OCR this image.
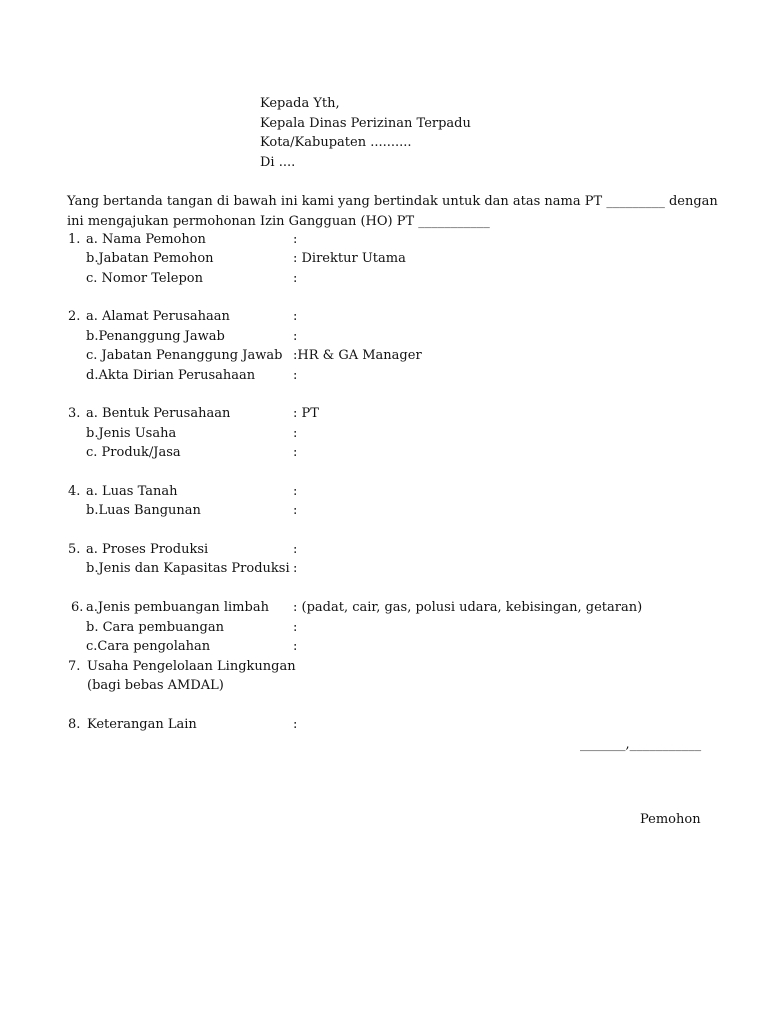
Kepada Yth,
Kepala Dinas Perizinan Terpadu
Kota/Kabupaten ..........
Di ....
Yang bertanda tangan di bawah ini kami yang bertindak untuk dan atas nama PT _________ dengan
ini mengajukan permohonan Izin Gangguan (HO) PT ___________
1. a. Nama Pemohon	:
b.Jabatan Pemohon	: Direktur Utama
c. Nomor Telepon	:
2. a. Alamat Perusahaan	:
b.Penanggung Jawab	:
c. Jabatan Penanggung Jawab :HR & GA Manager
d.Akta Dirian Perusahaan	:
3. a. Bentuk Perusahaan	: PT
b.Jenis Usaha	:
c. Produk/Jasa	:
4. a. Luas Tanah	:
b.Luas Bangunan	:
5. a. Proses Produksi	:
b.Jenis dan Kapasitas Produksi :
6. a.Jenis pembuangan limbah : (padat, cair, gas, polusi udara, kebisingan, getaran)
b. Cara pembuangan	:
c.Cara pengolahan	:
7. Usaha Pengelolaan Lingkungan
(bagi bebas AMDAL)
8. Keterangan Lain	:
_______,___________
Pemohon
